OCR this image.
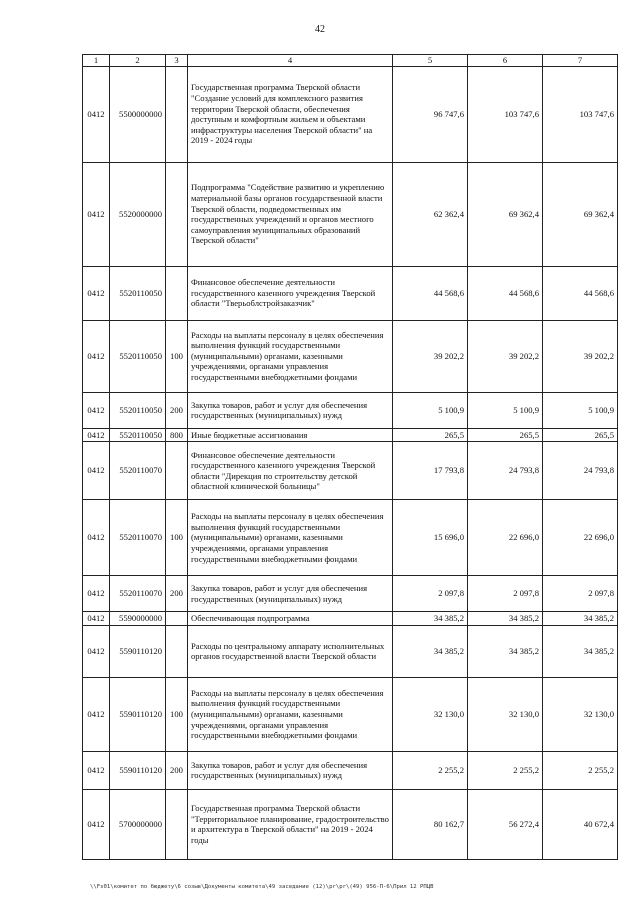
42
1	2	3	4	5	6	7
0412	5500000000		Государственная программа Тверской области "Создание условий для комплексного развития территории Тверской области, обеспечения доступным и комфортным жильем и объектами инфраструктуры населения Тверской области" на 2019 - 2024 годы	96 747,6	103 747,6	103 747,6
0412	5520000000		Подпрограмма "Содействие развитию и укреплению материальной базы органов государственной власти Тверской области, подведомственных им государственных учреждений и органов местного самоуправления муниципальных образований Тверской области"	62 362,4	69 362,4	69 362,4
0412	5520110050		Финансовое обеспечение деятельности государственного казенного учреждения Тверской области "Тверьоблстройзаказчик"	44 568,6	44 568,6	44 568,6
0412	5520110050	100	Расходы на выплаты персоналу в целях обеспечения выполнения функций государственными (муниципальными) органами, казенными учреждениями, органами управления государственными внебюджетными фондами	39 202,2	39 202,2	39 202,2
0412	5520110050	200	Закупка товаров, работ и услуг для обеспечения государственных (муниципальных) нужд	5 100,9	5 100,9	5 100,9
0412	5520110050	800	Иные бюджетные ассигнования	265,5	265,5	265,5
0412	5520110070		Финансовое обеспечение деятельности государственного казенного учреждения Тверской области "Дирекция по строительству детской областной клинической больницы"	17 793,8	24 793,8	24 793,8
0412	5520110070	100	Расходы на выплаты персоналу в целях обеспечения выполнения функций государственными (муниципальными) органами, казенными учреждениями, органами управления государственными внебюджетными фондами	15 696,0	22 696,0	22 696,0
0412	5520110070	200	Закупка товаров, работ и услуг для обеспечения государственных (муниципальных) нужд	2 097,8	2 097,8	2 097,8
0412	5590000000		Обеспечивающая подпрограмма	34 385,2	34 385,2	34 385,2
0412	5590110120		Расходы по центральному аппарату исполнительных органов государственной власти Тверской области	34 385,2	34 385,2	34 385,2
0412	5590110120	100	Расходы на выплаты персоналу в целях обеспечения выполнения функций государственными (муниципальными) органами, казенными учреждениями, органами управления государственными внебюджетными фондами	32 130,0	32 130,0	32 130,0
0412	5590110120	200	Закупка товаров, работ и услуг для обеспечения государственных (муниципальных) нужд	2 255,2	2 255,2	2 255,2
0412	5700000000		Государственная программа Тверской области "Территориальное планирование, градостроительство и архитектура в Тверской области" на 2019 - 2024 годы	80 162,7	56 272,4	40 672,4
\\Fs01\комитет по бюджету\6 созыв\Документы комитета\49 заседание (12)\pr\pr\(49) 956-П-6\Прил 12 РПЦВ
